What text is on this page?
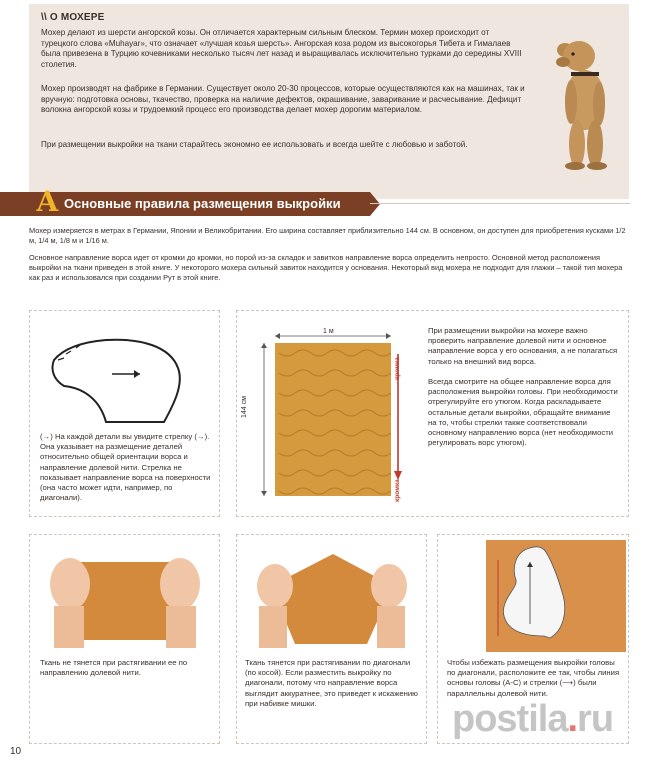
\\ О МОХЕРЕ

Мохер делают из шерсти ангорской козы. Он отличается характерным сильным блеском. Термин мохер происходит от турецкого слова «Muhayar», что означает «лучшая козья шерсть». Ангорская коза родом из высокогорья Тибета и Гималаев была привезена в Турцию кочевниками несколько тысяч лет назад и выращивалась исключительно турками до середины XVIII столетия.

Мохер производят на фабрике в Германии. Существует около 20-30 процессов, которые осуществляются как на машинах, так и вручную: подготовка основы, ткачество, проверка на наличие дефектов, окрашивание, заваривание и расчесывание. Дефицит волокна ангорской козы и трудоемкий процесс его производства делает мохер дорогим материалом.

При размещении выкройки на ткани старайтесь экономно ее использовать и всегда шейте с любовью и заботой.

А Основные правила размещения выкройки

Мохер измеряется в метрах в Германии, Японии и Великобритании. Его ширина составляет приблизительно 144 см. В основном, он доступен для приобретения кусками 1/2 м, 1/4 м, 1/8 м и 1/16 м.

Основное направление ворса идет от кромки до кромки, но порой из-за складок и завитков направление ворса определить непросто. Основной метод расположения выкройки на ткани приведен в этой книге. У некоторого мохера сильный завиток находится у основания. Некоторый вид мохера не подходит для глажки – такой тип мохера как раз и использовался при создании Рут в этой книге.

(→) На каждой детали вы увидите стрелку (→). Она указывает на размещение деталей относительно общей ориентации ворса и направление долевой нити. Стрелка не показывает направление ворса на поверхности (она часто может идти, например, по диагонали).

1 м
144 см
кромка
кромка

При размещении выкройки на мохере важно проверить направление долевой нити и основное направление ворса у его основания, а не полагаться только на внешний вид ворса.

Всегда смотрите на общее направление ворса для расположения выкройки головы. При необходимости отрегулируйте его утюгом. Когда раскладываете остальные детали выкройки, обращайте внимание на то, чтобы стрелки также соответствовали основному направлению ворса (нет необходимости регулировать ворс утюгом).

Ткань не тянется при растягивании ее по направлению долевой нити.

Ткань тянется при растягивании по диагонали (по косой). Если разместить выкройку по диагонали, потому что направление ворса выглядит аккуратнее, это приведет к искажению при набивке мишки.

Чтобы избежать размещения выкройки головы по диагонали, расположите ее так, чтобы линия основы головы (А-С) и стрелки (⟶) были параллельны долевой нити.

10
postila.ru
